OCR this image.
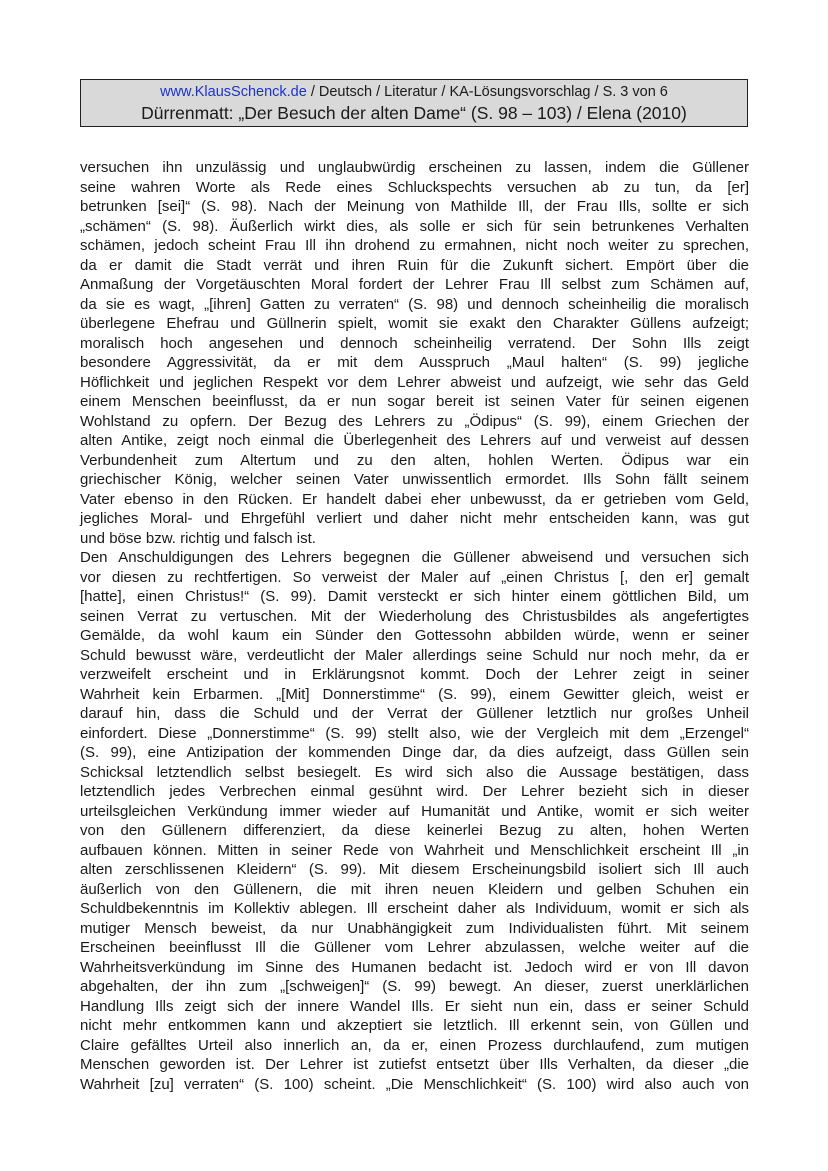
www.KlausSchenck.de / Deutsch / Literatur / KA-Lösungsvorschlag / S. 3 von 6
Dürrenmatt: „Der Besuch der alten Dame“ (S. 98 – 103) / Elena (2010)
versuchen ihn unzulässig und unglaubwürdig erscheinen zu lassen, indem die Güllener
seine wahren Worte als Rede eines Schluckspechts versuchen ab zu tun, da [er]
betrunken [sei]“ (S. 98). Nach der Meinung von Mathilde Ill, der Frau Ills, sollte er sich
„schämen“ (S. 98). Äußerlich wirkt dies, als solle er sich für sein betrunkenes Verhalten
schämen, jedoch scheint Frau Ill ihn drohend zu ermahnen, nicht noch weiter zu sprechen,
da er damit die Stadt verrät und ihren Ruin für die Zukunft sichert. Empört über die
Anmaßung der Vorgetäuschten Moral fordert der Lehrer Frau Ill selbst zum Schämen auf,
da sie es wagt, „[ihren] Gatten zu verraten“ (S. 98) und dennoch scheinheilig die moralisch
überlegene Ehefrau und Güllnerin spielt, womit sie exakt den Charakter Güllens aufzeigt;
moralisch hoch angesehen und dennoch scheinheilig verratend. Der Sohn Ills zeigt
besondere Aggressivität, da er mit dem Ausspruch „Maul halten“ (S. 99) jegliche
Höflichkeit und jeglichen Respekt vor dem Lehrer abweist und aufzeigt, wie sehr das Geld
einem Menschen beeinflusst, da er nun sogar bereit ist seinen Vater für seinen eigenen
Wohlstand zu opfern. Der Bezug des Lehrers zu „Ödipus“ (S. 99), einem Griechen der
alten Antike, zeigt noch einmal die Überlegenheit des Lehrers auf und verweist auf dessen
Verbundenheit zum Altertum und zu den alten, hohlen Werten. Ödipus war ein
griechischer König, welcher seinen Vater unwissentlich ermordet. Ills Sohn fällt seinem
Vater ebenso in den Rücken. Er handelt dabei eher unbewusst, da er getrieben vom Geld,
jegliches Moral- und Ehrgefühl verliert und daher nicht mehr entscheiden kann, was gut
und böse bzw. richtig und falsch ist.
Den Anschuldigungen des Lehrers begegnen die Güllener abweisend und versuchen sich
vor diesen zu rechtfertigen. So verweist der Maler auf „einen Christus [, den er] gemalt
[hatte], einen Christus!“ (S. 99). Damit versteckt er sich hinter einem göttlichen Bild, um
seinen Verrat zu vertuschen. Mit der Wiederholung des Christusbildes als angefertigtes
Gemälde, da wohl kaum ein Sünder den Gottessohn abbilden würde, wenn er seiner
Schuld bewusst wäre, verdeutlicht der Maler allerdings seine Schuld nur noch mehr, da er
verzweifelt erscheint und in Erklärungsnot kommt. Doch der Lehrer zeigt in seiner
Wahrheit kein Erbarmen. „[Mit] Donnerstimme“ (S. 99), einem Gewitter gleich, weist er
darauf hin, dass die Schuld und der Verrat der Güllener letztlich nur großes Unheil
einfordert. Diese „Donnerstimme“ (S. 99) stellt also, wie der Vergleich mit dem „Erzengel“
(S. 99), eine Antizipation der kommenden Dinge dar, da dies aufzeigt, dass Güllen sein
Schicksal letztendlich selbst besiegelt. Es wird sich also die Aussage bestätigen, dass
letztendlich jedes Verbrechen einmal gesühnt wird. Der Lehrer bezieht sich in dieser
urteilsgleichen Verkündung immer wieder auf Humanität und Antike, womit er sich weiter
von den Güllenern differenziert, da diese keinerlei Bezug zu alten, hohen Werten
aufbauen können. Mitten in seiner Rede von Wahrheit und Menschlichkeit erscheint Ill „in
alten zerschlissenen Kleidern“ (S. 99). Mit diesem Erscheinungsbild isoliert sich Ill auch
äußerlich von den Güllenern, die mit ihren neuen Kleidern und gelben Schuhen ein
Schuldbekenntnis im Kollektiv ablegen. Ill erscheint daher als Individuum, womit er sich als
mutiger Mensch beweist, da nur Unabhängigkeit zum Individualisten führt. Mit seinem
Erscheinen beeinflusst Ill die Güllener vom Lehrer abzulassen, welche weiter auf die
Wahrheitsverkündung im Sinne des Humanen bedacht ist. Jedoch wird er von Ill davon
abgehalten, der ihn zum „[schweigen]“ (S. 99) bewegt. An dieser, zuerst unerklärlichen
Handlung Ills zeigt sich der innere Wandel Ills. Er sieht nun ein, dass er seiner Schuld
nicht mehr entkommen kann und akzeptiert sie letztlich. Ill erkennt sein, von Güllen und
Claire gefälltes Urteil also innerlich an, da er, einen Prozess durchlaufend, zum mutigen
Menschen geworden ist. Der Lehrer ist zutiefst entsetzt über Ills Verhalten, da dieser „die
Wahrheit [zu] verraten“ (S. 100) scheint. „Die Menschlichkeit“ (S. 100) wird also auch von
